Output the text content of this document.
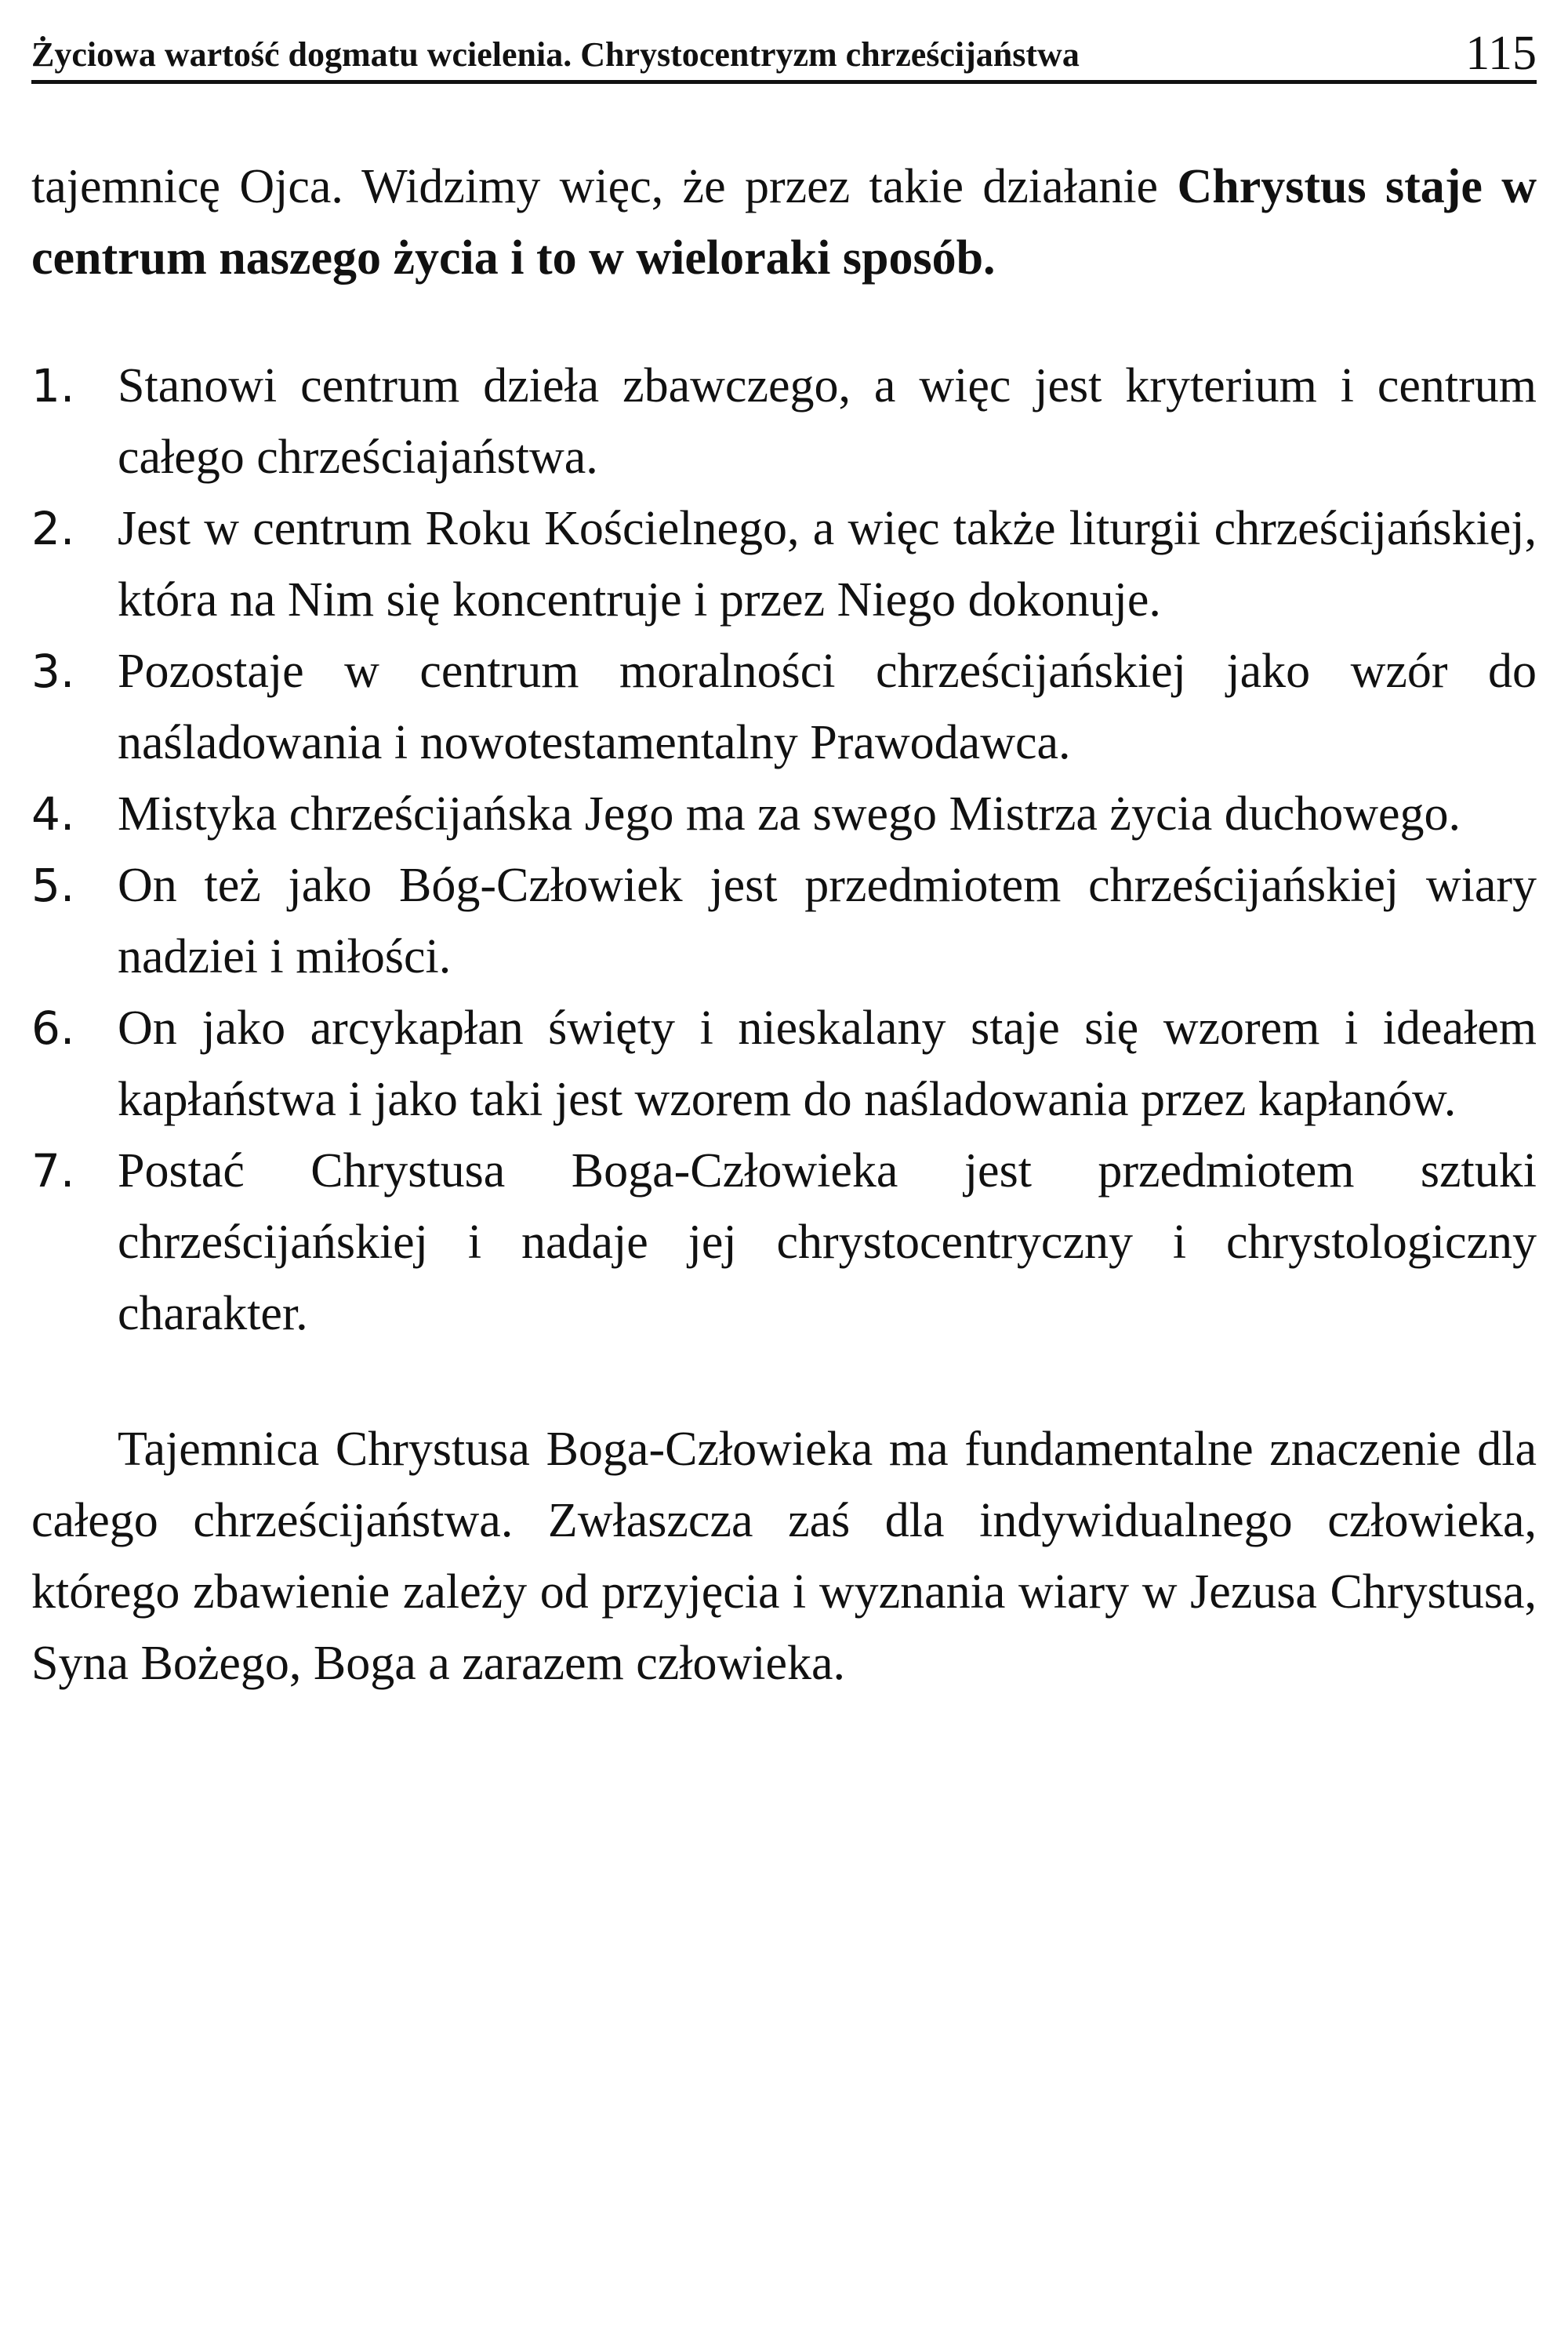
Życiowa wartość dogmatu wcielenia. Chrystocentryzm chrześcijaństwa	115

tajemnicę Ojca. Widzimy więc, że przez takie działanie Chrystus staje w centrum naszego życia i to w wieloraki sposób.

1. Stanowi centrum dzieła zbawczego, a więc jest kryterium i centrum całego chrześciajaństwa.
2. Jest w centrum Roku Kościelnego, a więc także liturgii chrześcijańskiej, która na Nim się koncentruje i przez Niego dokonuje.
3. Pozostaje w centrum moralności chrześcijańskiej jako wzór do naśladowania i nowotestamentalny Prawodawca.
4. Mistyka chrześcijańska Jego ma za swego Mistrza życia duchowego.
5. On też jako Bóg-Człowiek jest przedmiotem chrześcijańskiej wiary nadziei i miłości.
6. On jako arcykapłan święty i nieskalany staje się wzorem i ideałem kapłaństwa i jako taki jest wzorem do naśladowania przez kapłanów.
7. Postać Chrystusa Boga-Człowieka jest przedmiotem sztuki chrześcijańskiej i nadaje jej chrystocentryczny i chrystologiczny charakter.

Tajemnica Chrystusa Boga-Człowieka ma fundamentalne znaczenie dla całego chrześcijaństwa. Zwłaszcza zaś dla indywidualnego człowieka, którego zbawienie zależy od przyjęcia i wyznania wiary w Jezusa Chrystusa, Syna Bożego, Boga a zarazem człowieka.
